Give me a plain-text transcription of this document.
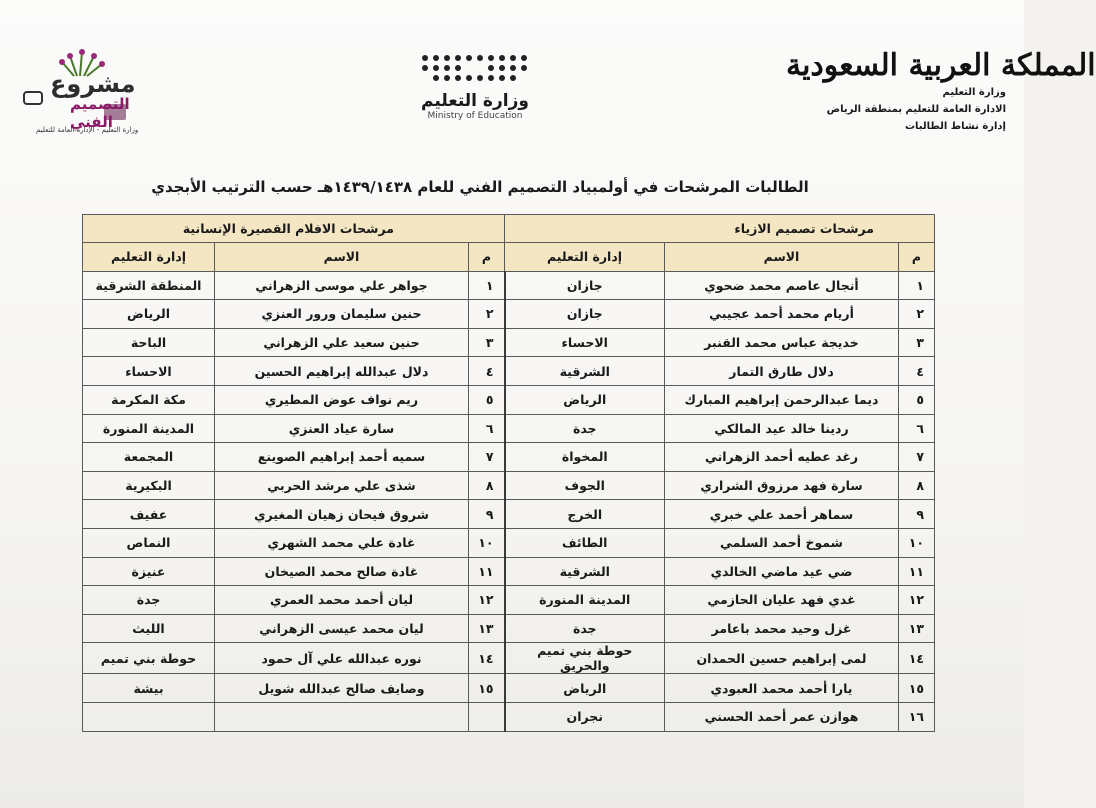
المملكة العربية السعودية
وزارة التعليم
الادارة العامة للتعليم بمنطقة الرياض
إدارة نشاط الطالبات
وزارة التعليم
Ministry of Education
مشروع
التصميم الفني
وزارة التعليم - الإدارة العامة للتعليم
الطالبات المرشحات في أولمبياد التصميم الفني للعام ١٤٣٩/١٤٣٨هـ حسب الترتيب الأبجدي
مرشحات تصميم الازياء			مرشحات الافلام القصيرة الإنسانية		
م	الاسم	إدارة التعليم	م	الاسم	إدارة التعليم
١	أنجال عاصم محمد ضحوي	جازان	١	جواهر علي موسى الزهراني	المنطقة الشرقية
٢	أريام محمد أحمد عجيبي	جازان	٢	حنين سليمان ورور العنزي	الرياض
٣	خديجة عباس محمد القنبر	الاحساء	٣	حنين سعيد علي الزهراني	الباحة
٤	دلال طارق التمار	الشرقية	٤	دلال عبدالله إبراهيم الحسين	الاحساء
٥	ديما عبدالرحمن إبراهيم المبارك	الرياض	٥	ريم نواف عوض المطيري	مكة المكرمة
٦	ردينا خالد عيد المالكي	جدة	٦	سارة عياد العنزي	المدينة المنورة
٧	رغد عطيه أحمد الزهراني	المخواة	٧	سميه أحمد إبراهيم الصوينع	المجمعة
٨	سارة فهد مرزوق الشراري	الجوف	٨	شذى علي مرشد الحربي	البكيرية
٩	سماهر أحمد علي خبري	الخرج	٩	شروق فيحان زهيان المغيري	عفيف
١٠	شموخ أحمد السلمي	الطائف	١٠	غادة علي محمد الشهري	النماص
١١	ضي عيد ماضي الخالدي	الشرقية	١١	غادة صالح محمد الصيخان	عنيزة
١٢	غدي فهد عليان الحازمي	المدينة المنورة	١٢	ليان أحمد محمد العمري	جدة
١٣	غزل وحيد محمد باعامر	جدة	١٣	ليان محمد عيسى الزهراني	الليث
١٤	لمى إبراهيم حسين الحمدان	حوطة بني تميم والحريق	١٤	نوره عبدالله علي آل حمود	حوطة بني تميم
١٥	يارا أحمد محمد العبودي	الرياض	١٥	وصايف صالح عبدالله شويل	بيشة
١٦	هوازن عمر أحمد الحسني	نجران			
